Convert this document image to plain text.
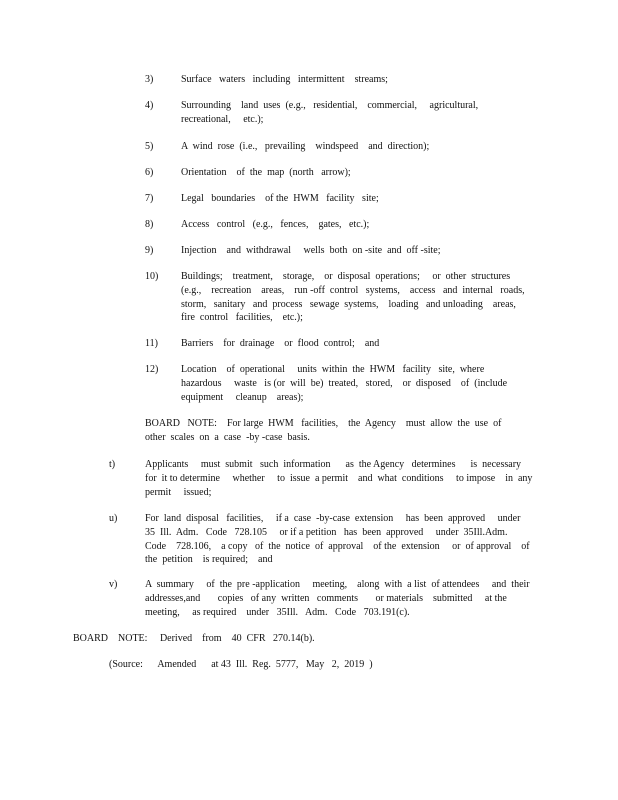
3)	Surface   waters   including   intermittent    streams;
4)	Surrounding    land  uses  (e.g.,   residential,    commercial,     agricultural,
recreational,     etc.);
5)	A  wind  rose  (i.e.,   prevailing    windspeed    and  direction);
6)	Orientation    of  the  map  (north   arrow);
7)	Legal   boundaries    of the  HWM   facility   site;
8)	Access   control   (e.g.,   fences,    gates,   etc.);
9)	Injection    and  withdrawal     wells  both  on -site  and  off -site;
10) Buildings;    treatment,    storage,    or  disposal  operations;     or  other  structures
(e.g.,    recreation    areas,    run -off  control   systems,    access   and  internal   roads,
storm,   sanitary   and  process   sewage  systems,    loading   and unloading    areas,
fire  control   facilities,    etc.);
11) Barriers    for  drainage    or  flood  control;    and
12) Location    of  operational     units  within  the  HWM   facility   site,  where
hazardous     waste   is (or  will  be)  treated,   stored,    or  disposed    of  (include
equipment     cleanup    areas);
BOARD   NOTE:    For large  HWM   facilities,    the  Agency    must  allow  the  use  of
other  scales  on  a  case  -by -case  basis.
t)	Applicants     must  submit   such  information      as  the Agency   determines      is  necessary
for  it to determine     whether     to  issue  a permit    and  what  conditions     to impose    in  any
permit     issued;
u)	For  land  disposal   facilities,     if a  case  -by-case  extension     has  been  approved     under
35  Ill.  Adm.   Code   728.105     or if a petition   has  been  approved     under  35Ill.Adm.
Code    728.106,    a copy   of  the  notice  of  approval    of the  extension     or  of approval    of
the  petition    is required;    and
v)	A  summary     of  the  pre -application     meeting,    along  with  a list  of attendees     and  their
addresses,and       copies   of any  written   comments       or materials    submitted     at the
meeting,     as required    under   35Ill.   Adm.   Code   703.191(c).
BOARD    NOTE:     Derived    from    40  CFR   270.14(b).
(Source:      Amended      at 43  Ill.  Reg.  5777,   May   2,  2019  )
